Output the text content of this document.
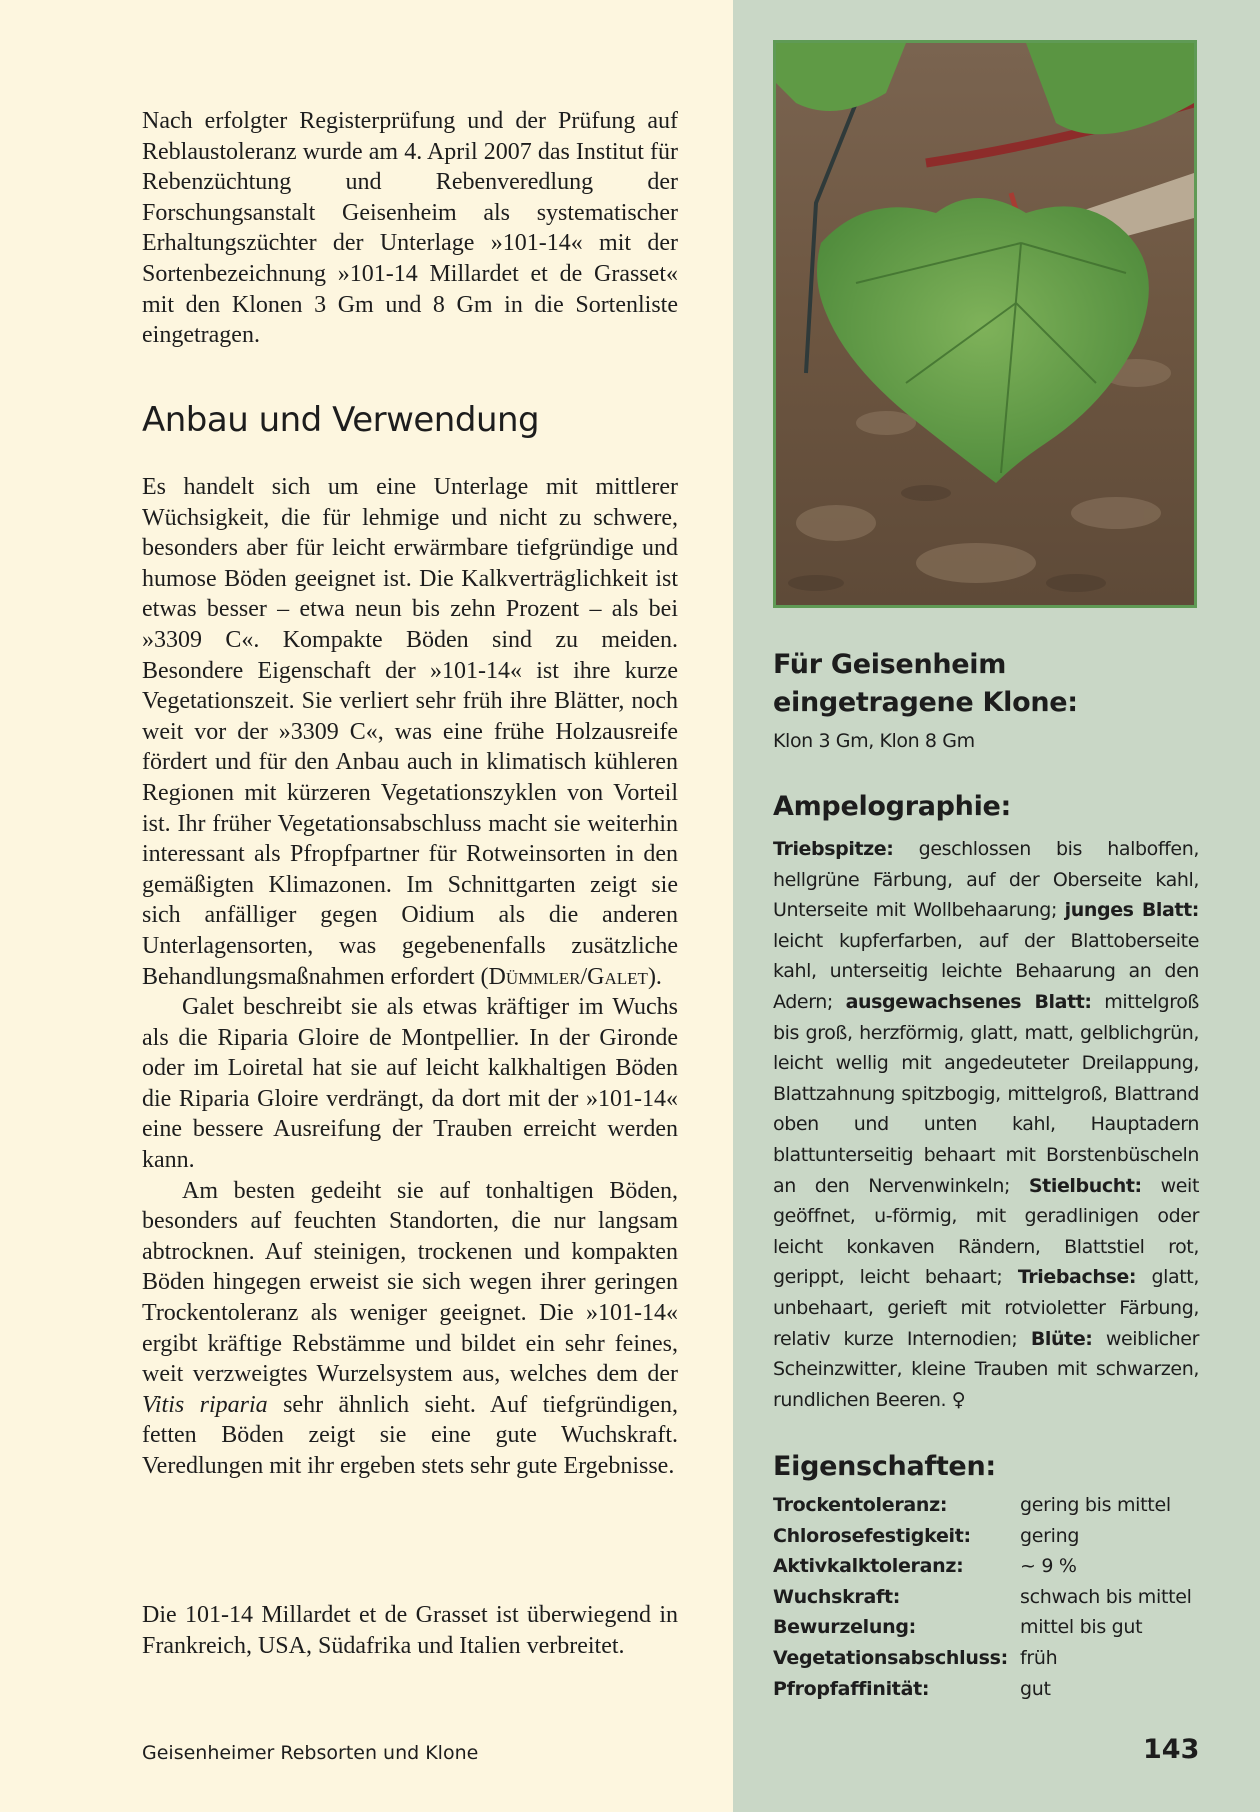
Nach erfolgter Registerprüfung und der Prüfung auf Reblaustoleranz wurde am 4. April 2007 das Institut für Rebenzüchtung und Rebenveredlung der Forschungsanstalt Geisenheim als systematischer Erhaltungszüchter der Unterlage »101-14« mit der Sortenbezeichnung »101-14 Millardet et de Grasset« mit den Klonen 3 Gm und 8 Gm in die Sortenliste eingetragen.

Anbau und Verwendung

Es handelt sich um eine Unterlage mit mittlerer Wüchsigkeit, die für lehmige und nicht zu schwere, besonders aber für leicht erwärmbare tiefgründige und humose Böden geeignet ist. Die Kalkverträglichkeit ist etwas besser – etwa neun bis zehn Prozent – als bei »3309 C«. Kompakte Böden sind zu meiden. Besondere Eigenschaft der »101-14« ist ihre kurze Vegetationszeit. Sie verliert sehr früh ihre Blätter, noch weit vor der »3309 C«, was eine frühe Holzausreife fördert und für den Anbau auch in klimatisch kühleren Regionen mit kürzeren Vegetationszyklen von Vorteil ist. Ihr früher Vegetationsabschluss macht sie weiterhin interessant als Pfropfpartner für Rotweinsorten in den gemäßigten Klimazonen. Im Schnittgarten zeigt sie sich anfälliger gegen Oidium als die anderen Unterlagensorten, was gegebenenfalls zusätzliche Behandlungsmaßnahmen erfordert (Dümmler/Galet).

Galet beschreibt sie als etwas kräftiger im Wuchs als die Riparia Gloire de Montpellier. In der Gironde oder im Loiretal hat sie auf leicht kalkhaltigen Böden die Riparia Gloire verdrängt, da dort mit der »101-14« eine bessere Ausreifung der Trauben erreicht werden kann.

Am besten gedeiht sie auf tonhaltigen Böden, besonders auf feuchten Standorten, die nur langsam abtrocknen. Auf steinigen, trockenen und kompakten Böden hingegen erweist sie sich wegen ihrer geringen Trockentoleranz als weniger geeignet. Die »101-14« ergibt kräftige Rebstämme und bildet ein sehr feines, weit verzweigtes Wurzelsystem aus, welches dem der Vitis riparia sehr ähnlich sieht. Auf tiefgründigen, fetten Böden zeigt sie eine gute Wuchskraft. Veredlungen mit ihr ergeben stets sehr gute Ergebnisse.

Die 101-14 Millardet et de Grasset ist überwiegend in Frankreich, USA, Südafrika und Italien verbreitet.

Geisenheimer Rebsorten und Klone
Für Geisenheim
eingetragene Klone:
Klon 3 Gm, Klon 8 Gm
Ampelographie:
Triebspitze: geschlossen bis halboffen, hellgrüne Färbung, auf der Oberseite kahl, Unterseite mit Wollbehaarung; junges Blatt: leicht kupferfarben, auf der Blattoberseite kahl, unterseitig leichte Behaarung an den Adern; ausgewachsenes Blatt: mittelgroß bis groß, herzförmig, glatt, matt, gelblichgrün, leicht wellig mit angedeuteter Dreilappung, Blattzahnung spitzbogig, mittelgroß, Blattrand oben und unten kahl, Hauptadern blattunterseitig behaart mit Borstenbüscheln an den Nervenwinkeln; Stielbucht: weit geöffnet, u-förmig, mit geradlinigen oder leicht konkaven Rändern, Blattstiel rot, gerippt, leicht behaart; Triebachse: glatt, unbehaart, gerieft mit rotvioletter Färbung, relativ kurze Internodien; Blüte: weiblicher Scheinzwitter, kleine Trauben mit schwarzen, rundlichen Beeren. ♀
Eigenschaften:
Trockentoleranz:	gering bis mittel
Chlorosefestigkeit:	gering
Aktivkalktoleranz:	~ 9 %
Wuchskraft:	schwach bis mittel
Bewurzelung:	mittel bis gut
Vegetationsabschluss:	früh
Pfropfaffinität:	gut
143
